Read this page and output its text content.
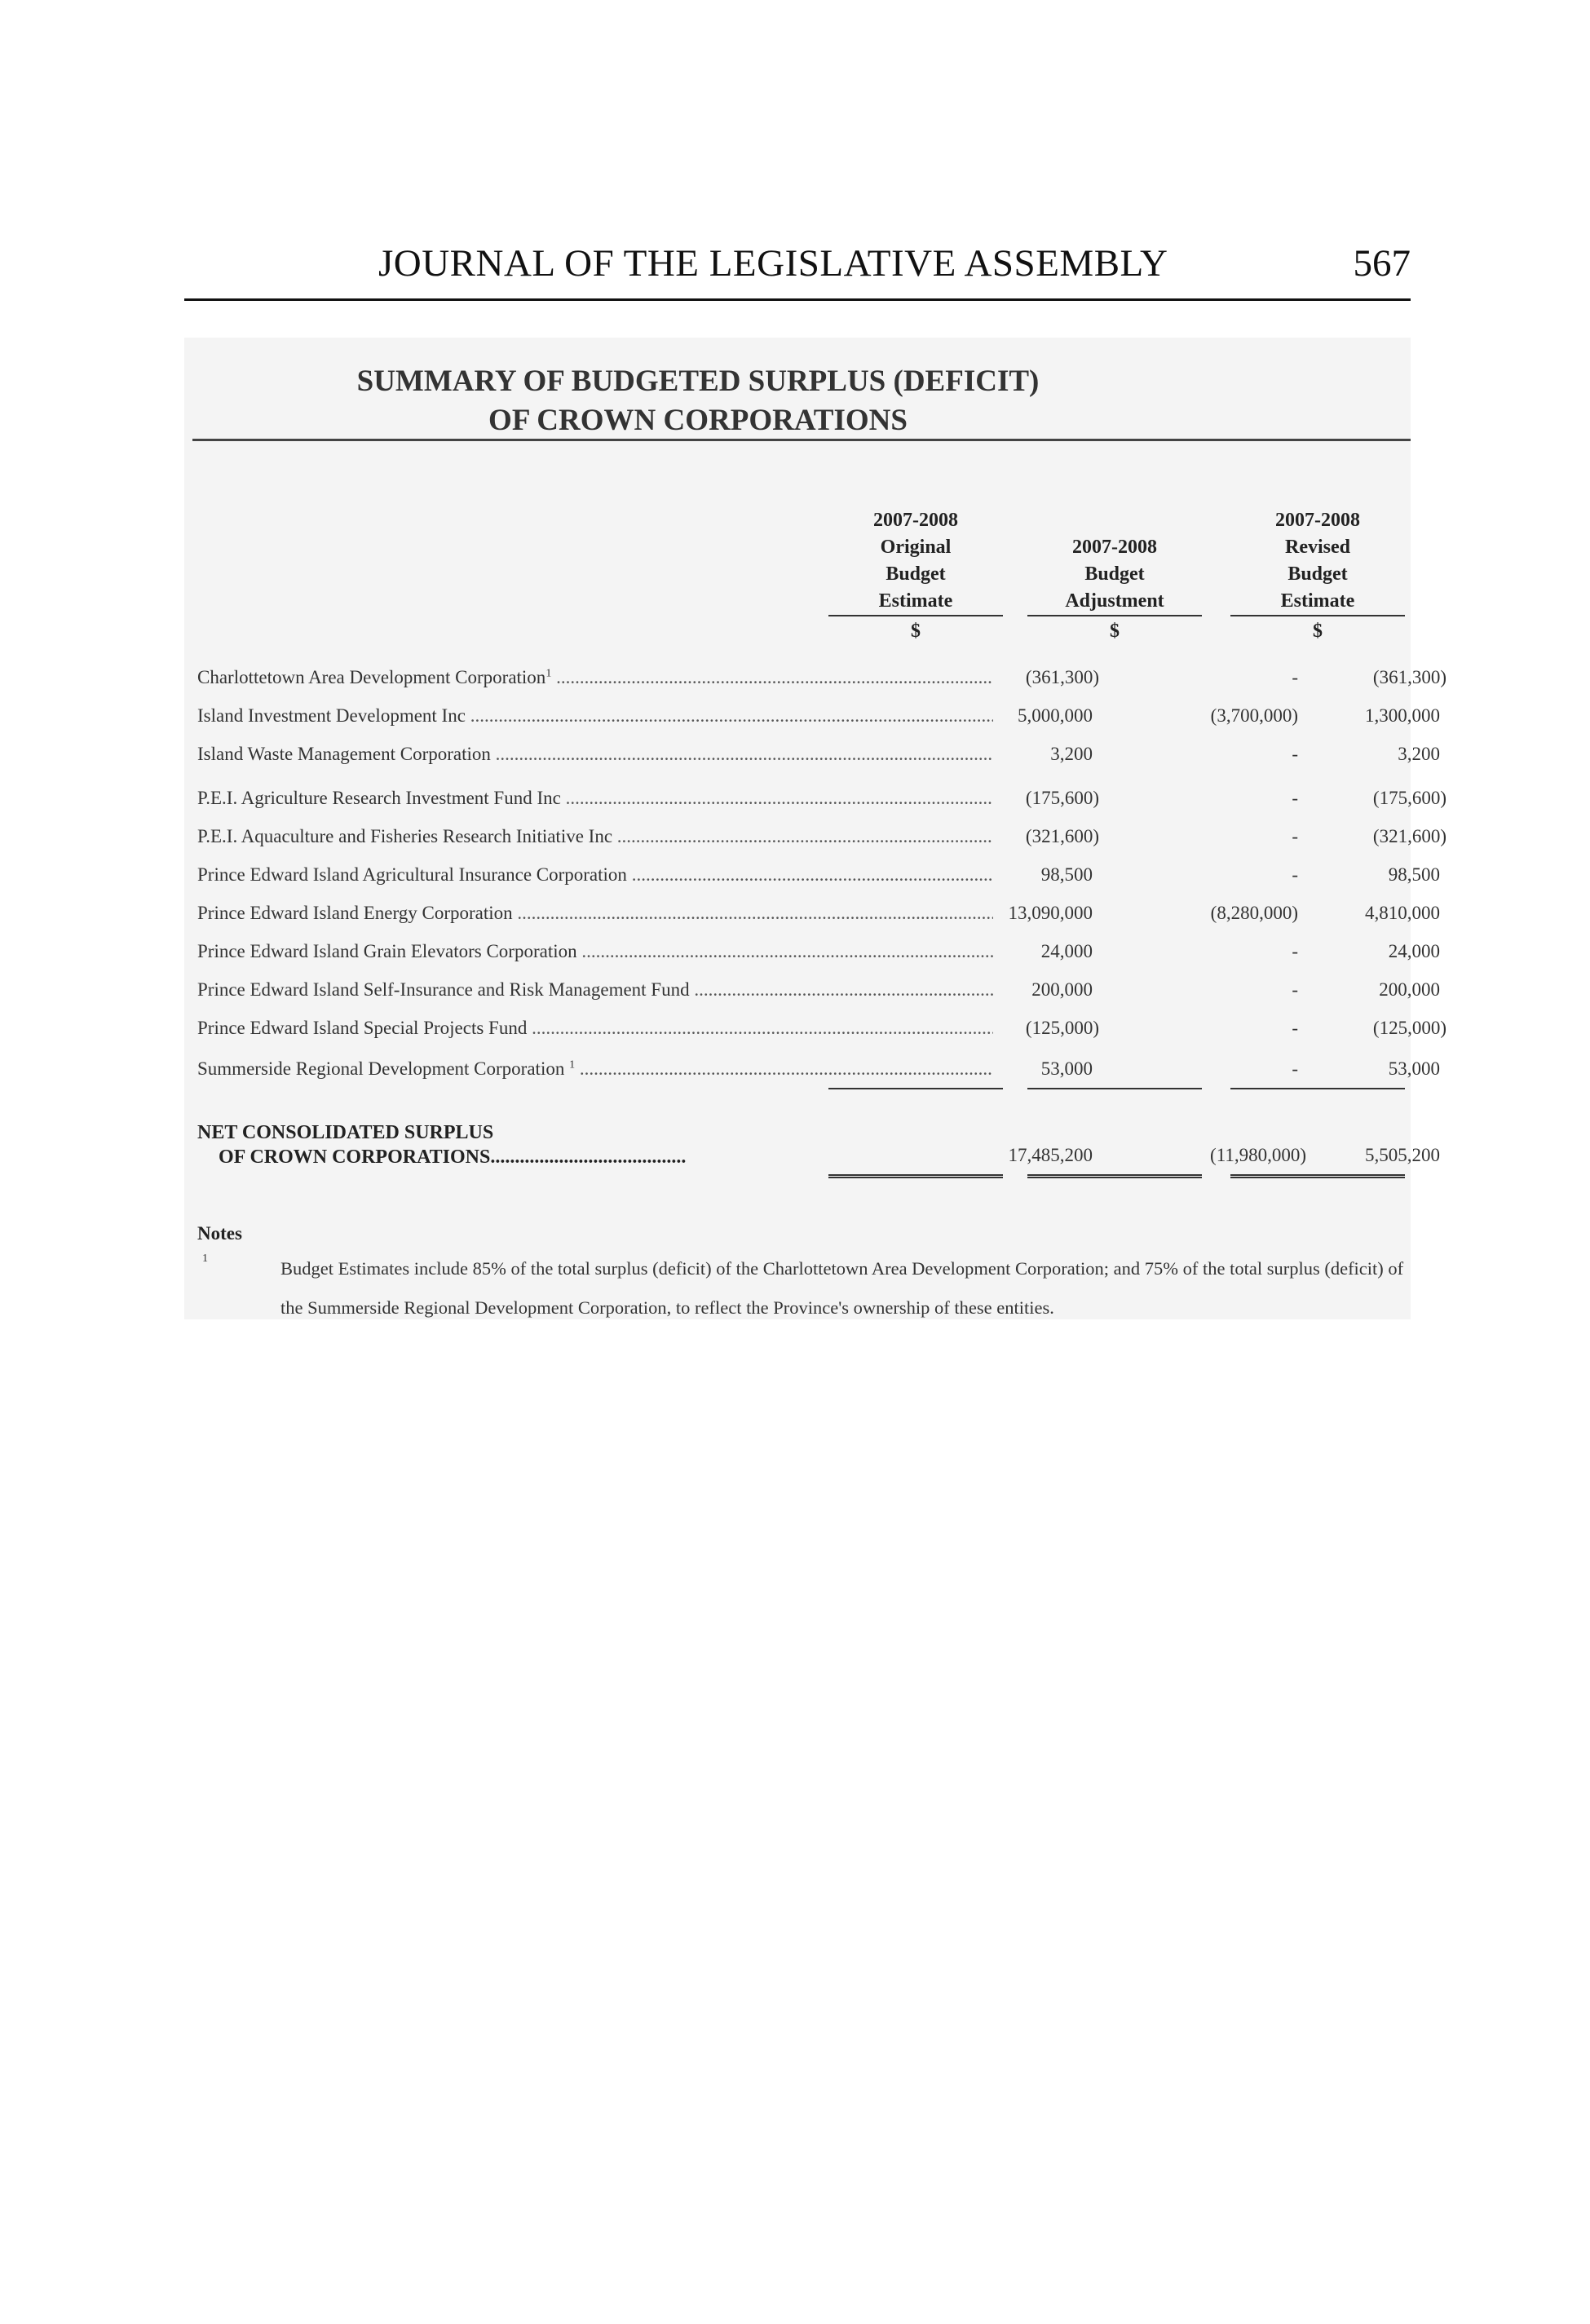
JOURNAL OF THE LEGISLATIVE ASSEMBLY	567
SUMMARY OF BUDGETED SURPLUS (DEFICIT)
OF CROWN CORPORATIONS
2007-2008
Original
Budget
Estimate
$
2007-2008
Budget
Adjustment
$
2007-2008
Revised
Budget
Estimate
$
Charlottetown Area Development Corporation$^1$ .....	(361,300)	-	(361,300)
Island Investment Development Inc .....	5,000,000	(3,700,000)	1,300,000
Island Waste Management Corporation .....	3,200	-	3,200
P.E.I. Agriculture Research Investment Fund Inc .....	(175,600)	-	(175,600)
P.E.I. Aquaculture and Fisheries Research Initiative Inc .....	(321,600)	-	(321,600)
Prince Edward Island Agricultural Insurance Corporation .....	98,500	-	98,500
Prince Edward Island Energy Corporation .....	13,090,000	(8,280,000)	4,810,000
Prince Edward Island Grain Elevators Corporation .....	24,000	-	24,000
Prince Edward Island Self-Insurance and Risk Management Fund .....	200,000	-	200,000
Prince Edward Island Special Projects Fund .....	(125,000)	-	(125,000)
Summerside Regional Development Corporation $^1$ .....	53,000	-	53,000
NET CONSOLIDATED SURPLUS
OF CROWN CORPORATIONS .....	17,485,200	(11,980,000)	5,505,200
Notes
1	Budget Estimates include 85% of the total surplus (deficit) of the Charlottetown Area Development Corporation; and 75% of the total surplus (deficit) of the Summerside Regional Development Corporation, to reflect the Province's ownership of these entities.
